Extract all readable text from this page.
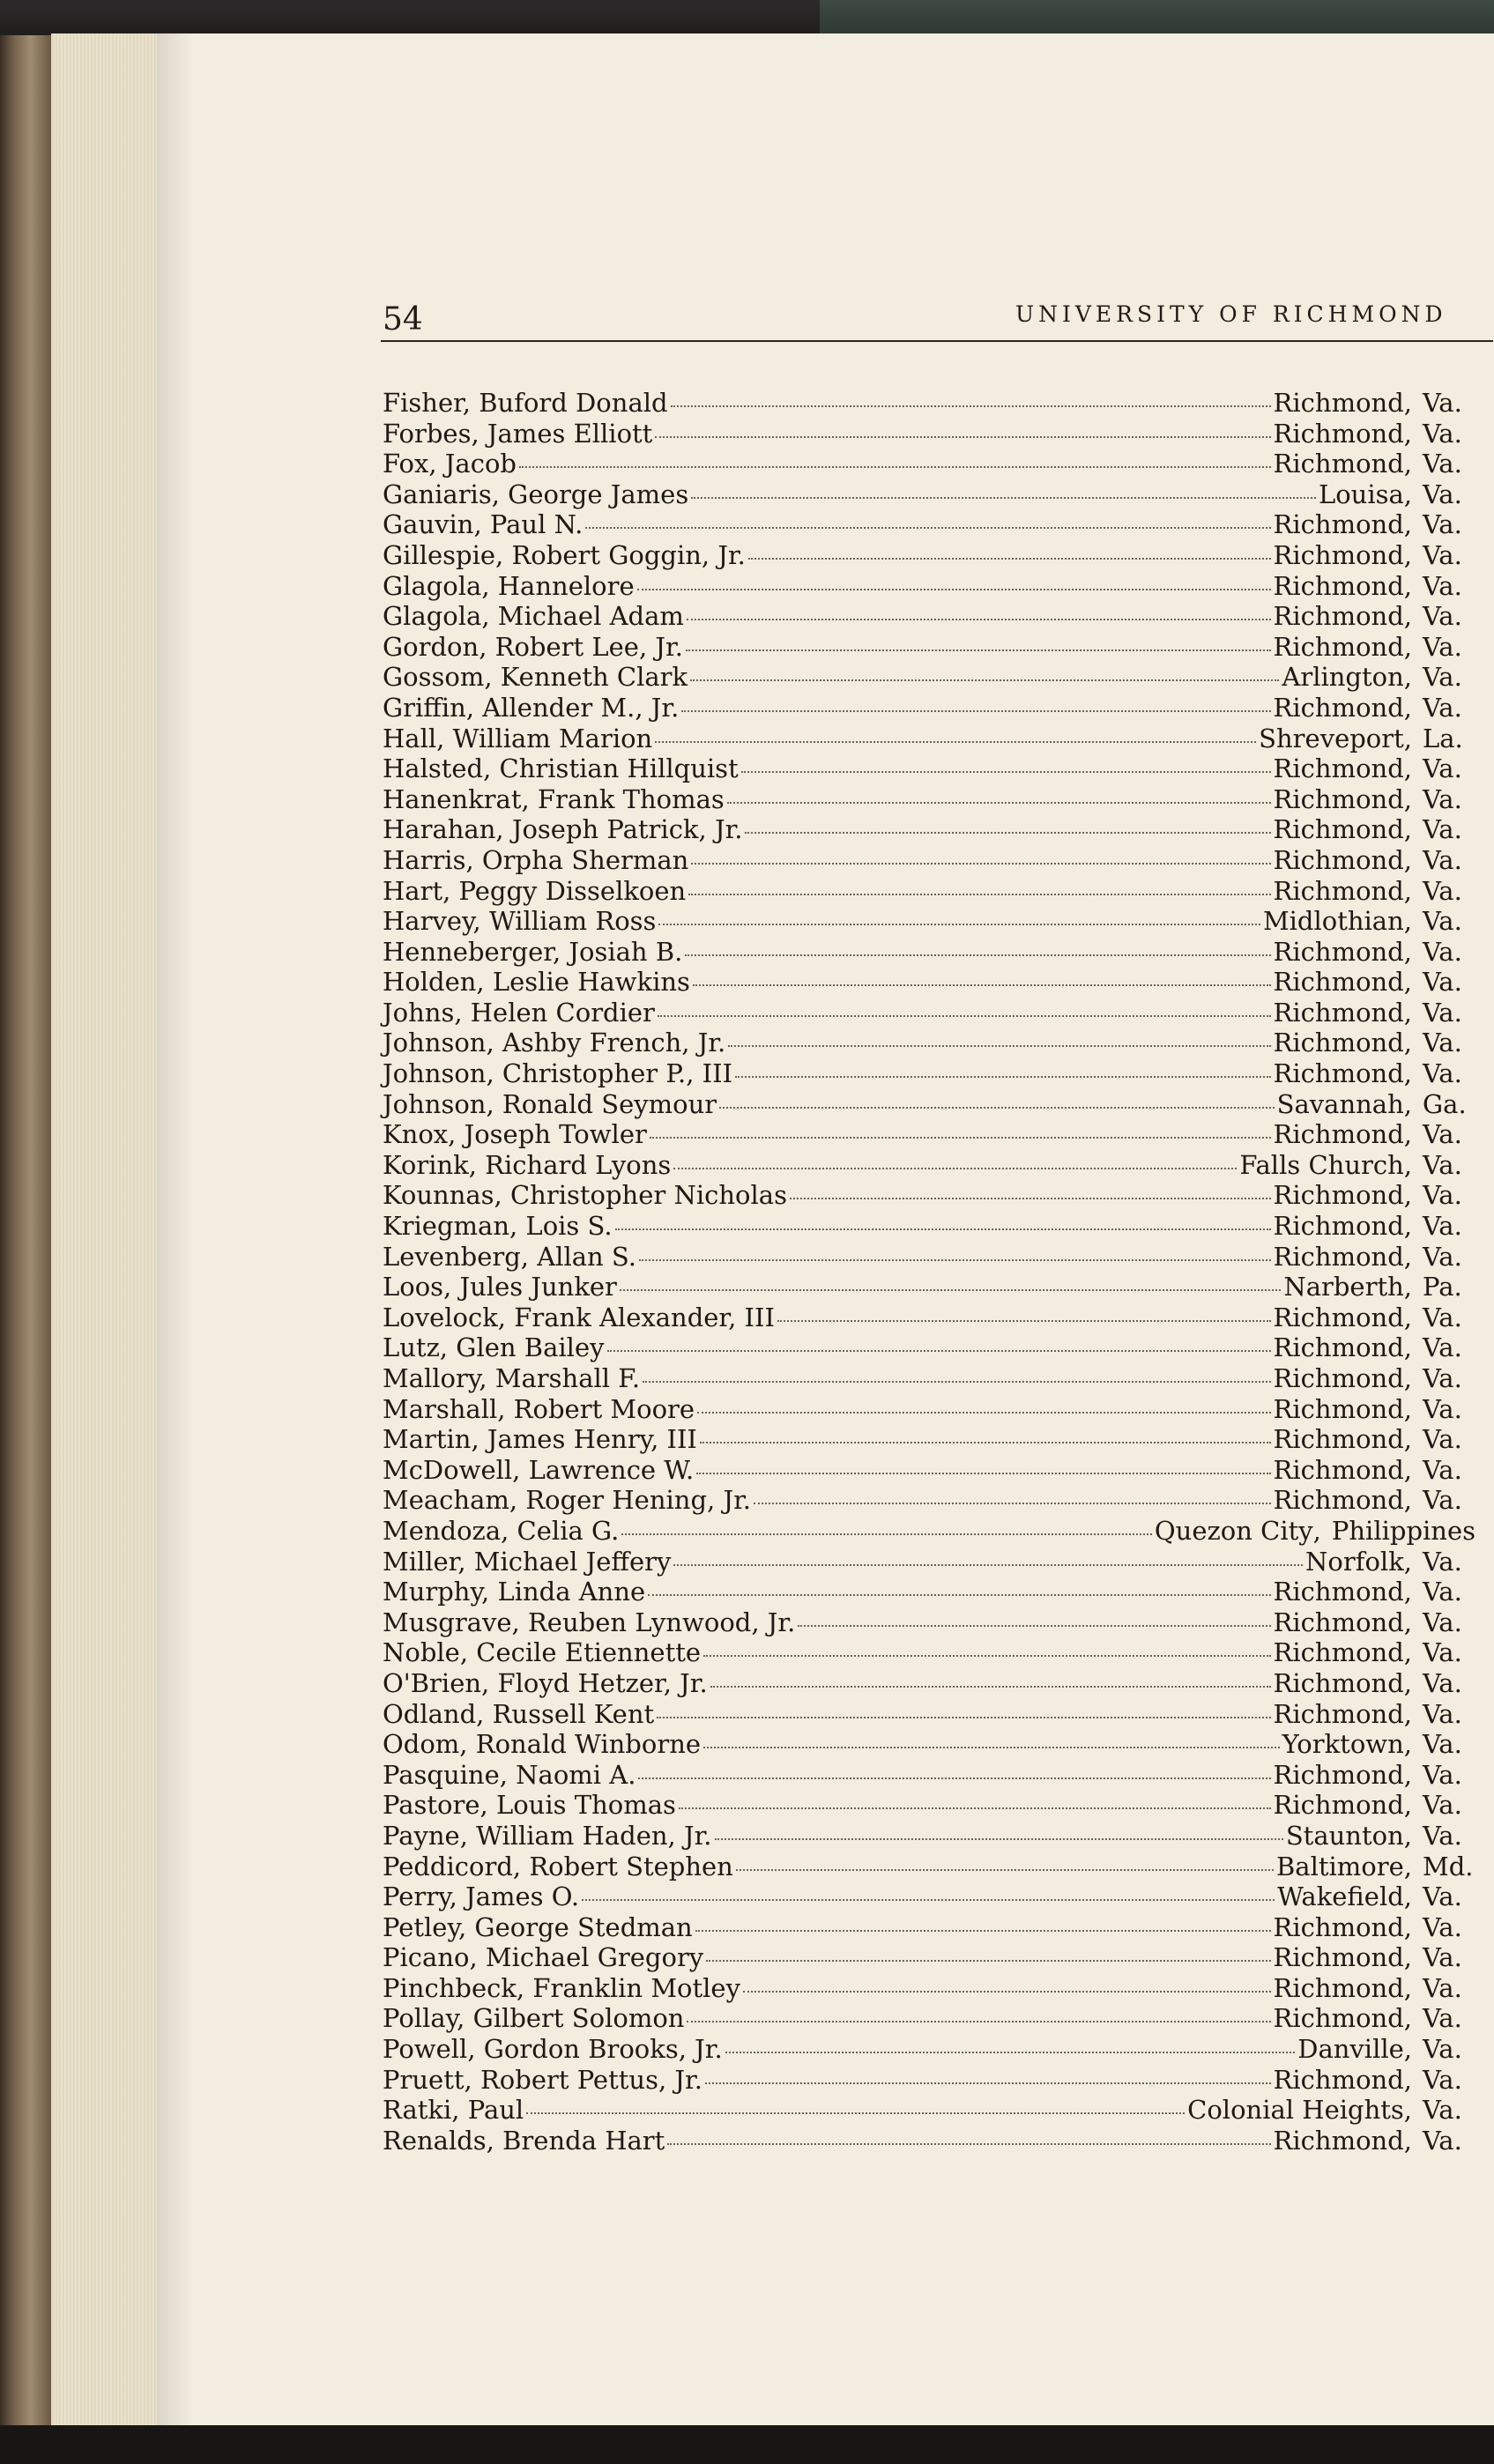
54	UNIVERSITY OF RICHMOND
Fisher, Buford Donald	Richmond , Va.
Forbes, James Elliott	Richmond , Va.
Fox, Jacob	Richmond , Va.
Ganiaris, George James	Louisa , Va.
Gauvin, Paul N.	Richmond , Va.
Gillespie, Robert Goggin, Jr.	Richmond , Va.
Glagola, Hannelore	Richmond , Va.
Glagola, Michael Adam	Richmond , Va.
Gordon, Robert Lee, Jr.	Richmond , Va.
Gossom, Kenneth Clark	Arlington , Va.
Griffin, Allender M., Jr.	Richmond , Va.
Hall, William Marion	Shreveport , La.
Halsted, Christian Hillquist	Richmond , Va.
Hanenkrat, Frank Thomas	Richmond , Va.
Harahan, Joseph Patrick, Jr.	Richmond , Va.
Harris, Orpha Sherman	Richmond , Va.
Hart, Peggy Disselkoen	Richmond , Va.
Harvey, William Ross	Midlothian , Va.
Henneberger, Josiah B.	Richmond , Va.
Holden, Leslie Hawkins	Richmond , Va.
Johns, Helen Cordier	Richmond , Va.
Johnson, Ashby French, Jr.	Richmond , Va.
Johnson, Christopher P., III	Richmond , Va.
Johnson, Ronald Seymour	Savannah , Ga.
Knox, Joseph Towler	Richmond , Va.
Korink, Richard Lyons	Falls Church , Va.
Kounnas, Christopher Nicholas	Richmond , Va.
Kriegman, Lois S.	Richmond , Va.
Levenberg, Allan S.	Richmond , Va.
Loos, Jules Junker	Narberth , Pa.
Lovelock, Frank Alexander, III	Richmond , Va.
Lutz, Glen Bailey	Richmond , Va.
Mallory, Marshall F.	Richmond , Va.
Marshall, Robert Moore	Richmond , Va.
Martin, James Henry, III	Richmond , Va.
McDowell, Lawrence W.	Richmond , Va.
Meacham, Roger Hening, Jr.	Richmond , Va.
Mendoza, Celia G.	Quezon City , Philippines
Miller, Michael Jeffery	Norfolk , Va.
Murphy, Linda Anne	Richmond , Va.
Musgrave, Reuben Lynwood, Jr.	Richmond , Va.
Noble, Cecile Etiennette	Richmond , Va.
O'Brien, Floyd Hetzer, Jr.	Richmond , Va.
Odland, Russell Kent	Richmond , Va.
Odom, Ronald Winborne	Yorktown , Va.
Pasquine, Naomi A.	Richmond , Va.
Pastore, Louis Thomas	Richmond , Va.
Payne, William Haden, Jr.	Staunton , Va.
Peddicord, Robert Stephen	Baltimore , Md.
Perry, James O.	Wakefield , Va.
Petley, George Stedman	Richmond , Va.
Picano, Michael Gregory	Richmond , Va.
Pinchbeck, Franklin Motley	Richmond , Va.
Pollay, Gilbert Solomon	Richmond , Va.
Powell, Gordon Brooks, Jr.	Danville , Va.
Pruett, Robert Pettus, Jr.	Richmond , Va.
Ratki, Paul	Colonial Heights , Va.
Renalds, Brenda Hart	Richmond , Va.
